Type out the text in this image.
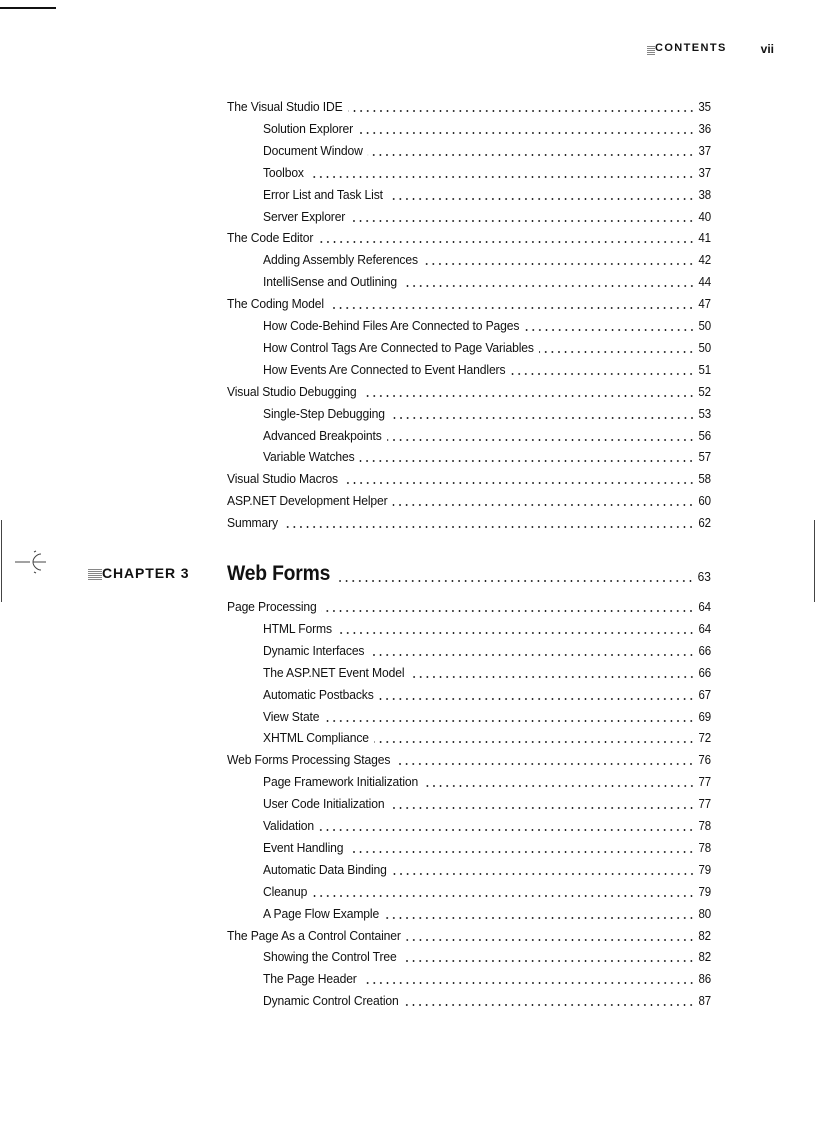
CONTENTS	vii
The Visual Studio IDE	35
Solution Explorer	36
Document Window	37
Toolbox	37
Error List and Task List	38
Server Explorer	40
The Code Editor	41
Adding Assembly References	42
IntelliSense and Outlining	44
The Coding Model	47
How Code-Behind Files Are Connected to Pages	50
How Control Tags Are Connected to Page Variables	50
How Events Are Connected to Event Handlers	51
Visual Studio Debugging	52
Single-Step Debugging	53
Advanced Breakpoints	56
Variable Watches	57
Visual Studio Macros	58
ASP.NET Development Helper	60
Summary	62
CHAPTER 3 Web Forms	63
Page Processing	64
HTML Forms	64
Dynamic Interfaces	66
The ASP.NET Event Model	66
Automatic Postbacks	67
View State	69
XHTML Compliance	72
Web Forms Processing Stages	76
Page Framework Initialization	77
User Code Initialization	77
Validation	78
Event Handling	78
Automatic Data Binding	79
Cleanup	79
A Page Flow Example	80
The Page As a Control Container	82
Showing the Control Tree	82
The Page Header	86
Dynamic Control Creation	87
